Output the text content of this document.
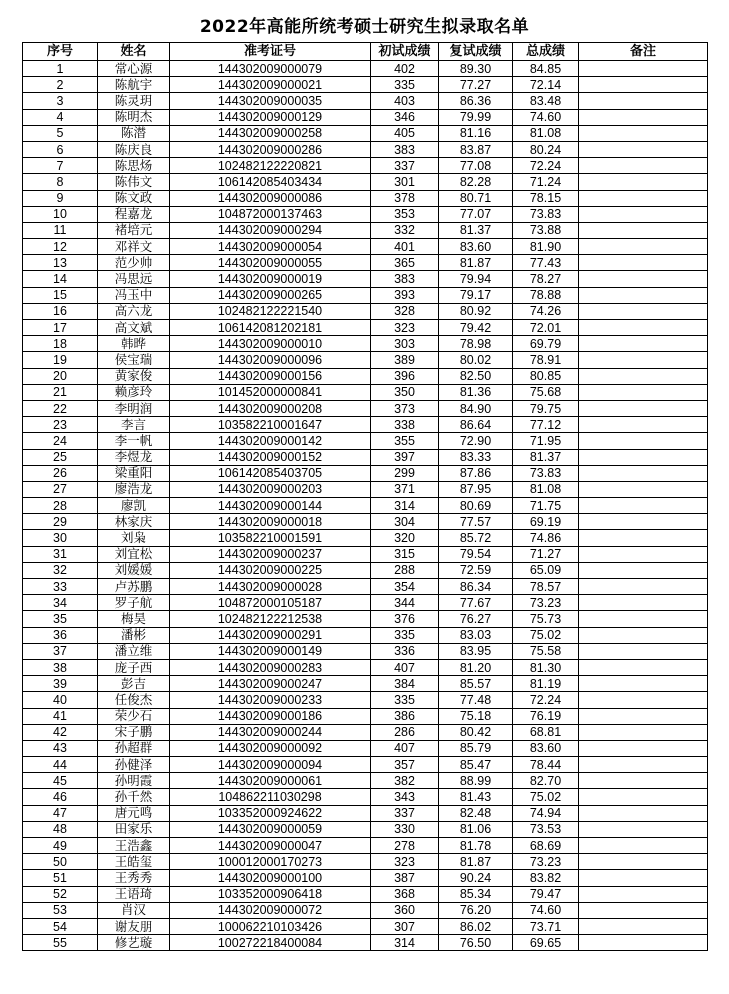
2022年高能所统考硕士研究生拟录取名单
序号	姓名	准考证号	初试成绩	复试成绩	总成绩	备注
1	常心源	144302009000079	402	89.30	84.85	
2	陈航宇	144302009000021	335	77.27	72.14	
3	陈灵玥	144302009000035	403	86.36	83.48	
4	陈明杰	144302009000129	346	79.99	74.60	
5	陈潜	144302009000258	405	81.16	81.08	
6	陈庆良	144302009000286	383	83.87	80.24	
7	陈思炀	102482122220821	337	77.08	72.24	
8	陈伟文	106142085403434	301	82.28	71.24	
9	陈文政	144302009000086	378	80.71	78.15	
10	程嘉龙	104872000137463	353	77.07	73.83	
11	褚培元	144302009000294	332	81.37	73.88	
12	邓祥文	144302009000054	401	83.60	81.90	
13	范少帅	144302009000055	365	81.87	77.43	
14	冯思远	144302009000019	383	79.94	78.27	
15	冯玉中	144302009000265	393	79.17	78.88	
16	高六龙	102482122221540	328	80.92	74.26	
17	高文斌	106142081202181	323	79.42	72.01	
18	韩晔	144302009000010	303	78.98	69.79	
19	侯宝瑞	144302009000096	389	80.02	78.91	
20	黄家俊	144302009000156	396	82.50	80.85	
21	赖彦玲	101452000000841	350	81.36	75.68	
22	李明润	144302009000208	373	84.90	79.75	
23	李言	103582210001647	338	86.64	77.12	
24	李一帆	144302009000142	355	72.90	71.95	
25	李煜龙	144302009000152	397	83.33	81.37	
26	梁重阳	106142085403705	299	87.86	73.83	
27	廖浩龙	144302009000203	371	87.95	81.08	
28	廖凯	144302009000144	314	80.69	71.75	
29	林家庆	144302009000018	304	77.57	69.19	
30	刘枭	103582210001591	320	85.72	74.86	
31	刘宜松	144302009000237	315	79.54	71.27	
32	刘媛媛	144302009000225	288	72.59	65.09	
33	卢苏鹏	144302009000028	354	86.34	78.57	
34	罗子航	104872000105187	344	77.67	73.23	
35	梅昊	102482122212538	376	76.27	75.73	
36	潘彬	144302009000291	335	83.03	75.02	
37	潘立维	144302009000149	336	83.95	75.58	
38	庞子西	144302009000283	407	81.20	81.30	
39	彭吉	144302009000247	384	85.57	81.19	
40	任俊杰	144302009000233	335	77.48	72.24	
41	荣少石	144302009000186	386	75.18	76.19	
42	宋子鹏	144302009000244	286	80.42	68.81	
43	孙超群	144302009000092	407	85.79	83.60	
44	孙健泽	144302009000094	357	85.47	78.44	
45	孙明霞	144302009000061	382	88.99	82.70	
46	孙千然	104862211030298	343	81.43	75.02	
47	唐元鸣	103352000924622	337	82.48	74.94	
48	田家乐	144302009000059	330	81.06	73.53	
49	王浩鑫	144302009000047	278	81.78	68.69	
50	王皓玺	100012000170273	323	81.87	73.23	
51	王秀秀	144302009000100	387	90.24	83.82	
52	王语琦	103352000906418	368	85.34	79.47	
53	肖汉	144302009000072	360	76.20	74.60	
54	谢友朋	100062210103426	307	86.02	73.71	
55	修艺璇	100272218400084	314	76.50	69.65	
